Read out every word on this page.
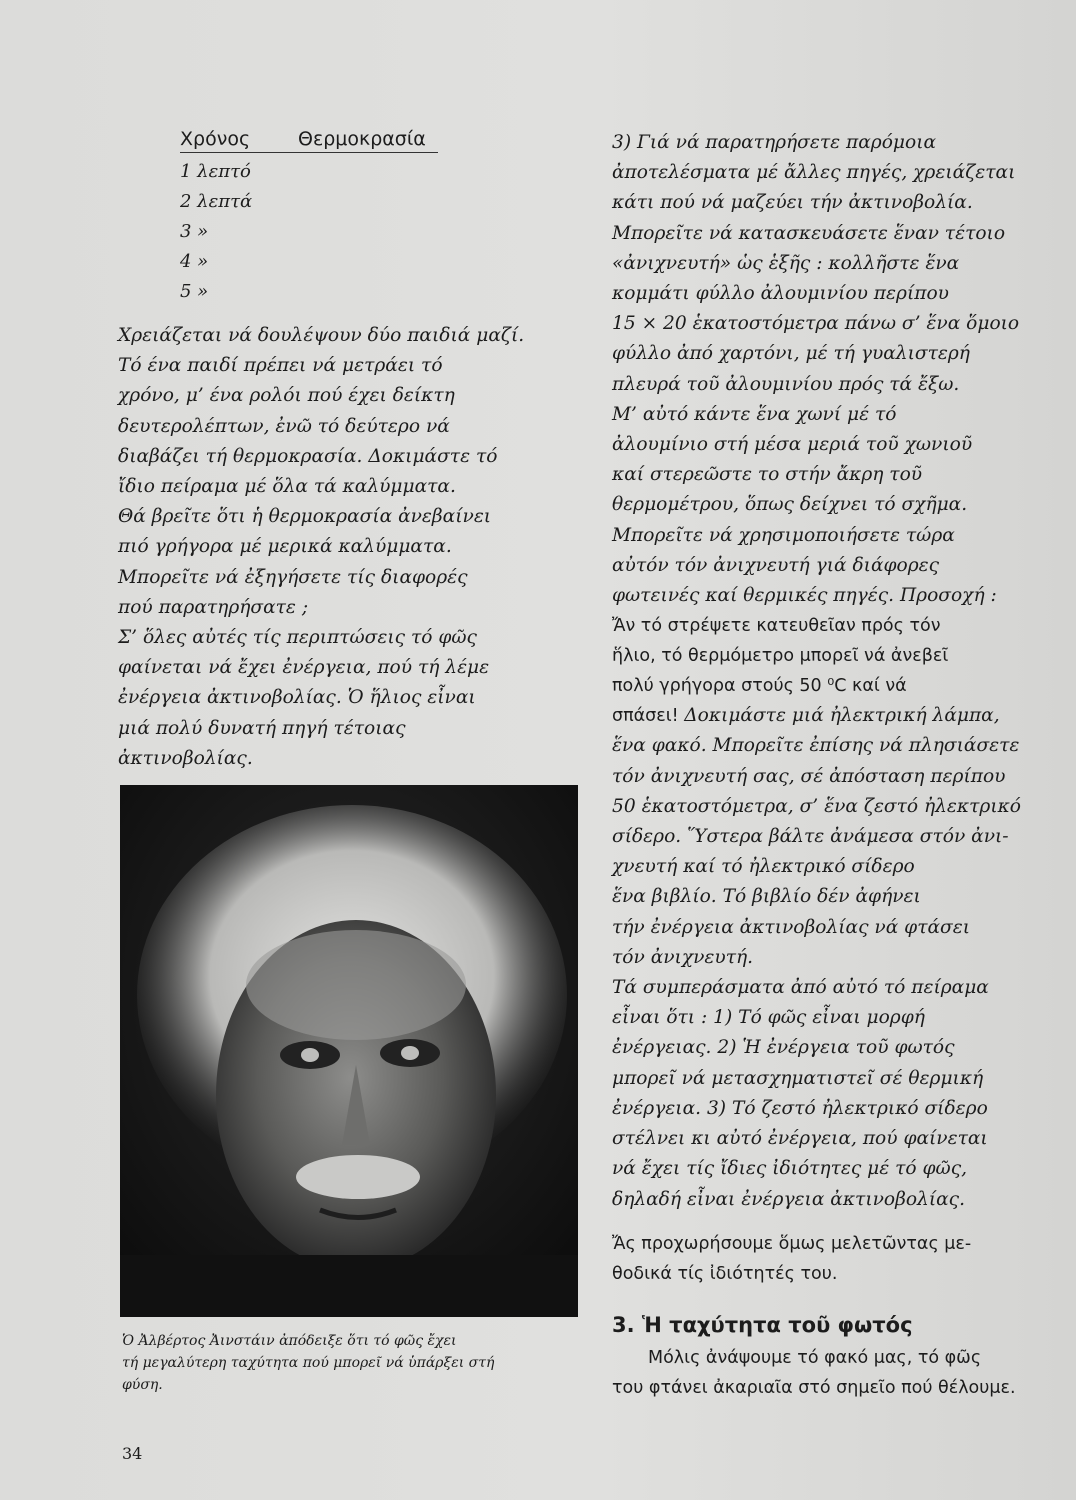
Χρόνος	Θερμοκρασία
1 λεπτό
2 λεπτά
3 »
4 »
5 »
Χρειάζεται νά δουλέψουν δύο παιδιά μαζί.
Τό ένα παιδί πρέπει νά μετράει τό
χρόνο, μ’ ένα ρολόι πού έχει δείκτη
δευτερολέπτων, ἐνῶ τό δεύτερο νά
διαβάζει τή θερμοκρασία. Δοκιμάστε τό
ἴδιο πείραμα μέ ὅλα τά καλύμματα.
Θά βρεῖτε ὅτι ἡ θερμοκρασία ἀνεβαίνει
πιό γρήγορα μέ μερικά καλύμματα.
Μπορεῖτε νά ἐξηγήσετε τίς διαφορές
πού παρατηρήσατε ;
Σ’ ὅλες αὐτές τίς περιπτώσεις τό φῶς
φαίνεται νά ἔχει ἐνέργεια, πού τή λέμε
ἐνέργεια ἀκτινοβολίας. Ὁ ἥλιος εἶναι
μιά πολύ δυνατή πηγή τέτοιας
ἀκτινοβολίας.
Ὁ Ἀλβέρτος Ἀινστάιν ἀπόδειξε ὅτι τό φῶς ἔχει
τή μεγαλύτερη ταχύτητα πού μπορεῖ νά ὑπάρξει στή
φύση.
34
3) Γιά νά παρατηρήσετε παρόμοια
ἀποτελέσματα μέ ἄλλες πηγές, χρειάζεται
κάτι πού νά μαζεύει τήν ἀκτινοβολία.
Μπορεῖτε νά κατασκευάσετε ἕναν τέτοιο
«ἀνιχνευτή» ὡς ἑξῆς : κολλῆστε ἕνα
κομμάτι φύλλο ἀλουμινίου περίπου
15 × 20 ἑκατοστόμετρα πάνω σ’ ἕνα ὅμοιο
φύλλο ἀπό χαρτόνι, μέ τή γυαλιστερή
πλευρά τοῦ ἀλουμινίου πρός τά ἔξω.
Μ’ αὐτό κάντε ἕνα χωνί μέ τό
ἀλουμίνιο στή μέσα μεριά τοῦ χωνιοῦ
καί στερεῶστε το στήν ἄκρη τοῦ
θερμομέτρου, ὅπως δείχνει τό σχῆμα.
Μπορεῖτε νά χρησιμοποιήσετε τώρα
αὐτόν τόν ἀνιχνευτή γιά διάφορες
φωτεινές καί θερμικές πηγές. Προσοχή :
Ἄν τό στρέψετε κατευθεῖαν πρός τόν
ἥλιο, τό θερμόμετρο μπορεῖ νά ἀνεβεῖ
πολύ γρήγορα στούς 50 ⁰C καί νά
σπάσει! Δοκιμάστε μιά ἠλεκτρική λάμπα,
ἕνα φακό. Μπορεῖτε ἐπίσης νά πλησιάσετε
τόν ἀνιχνευτή σας, σέ ἀπόσταση περίπου
50 ἑκατοστόμετρα, σ’ ἕνα ζεστό ἠλεκτρικό
σίδερο. Ὕστερα βάλτε ἀνάμεσα στόν ἀνι-
χνευτή καί τό ἠλεκτρικό σίδερο
ἕνα βιβλίο. Τό βιβλίο δέν ἀφήνει
τήν ἐνέργεια ἀκτινοβολίας νά φτάσει
τόν ἀνιχνευτή.
Τά συμπεράσματα ἀπό αὐτό τό πείραμα
εἶναι ὅτι : 1) Τό φῶς εἶναι μορφή
ἐνέργειας. 2) Ἡ ἐνέργεια τοῦ φωτός
μπορεῖ νά μετασχηματιστεῖ σέ θερμική
ἐνέργεια. 3) Τό ζεστό ἠλεκτρικό σίδερο
στέλνει κι αὐτό ἐνέργεια, πού φαίνεται
νά ἔχει τίς ἴδιες ἰδιότητες μέ τό φῶς,
δηλαδή εἶναι ἐνέργεια ἀκτινοβολίας.
Ἄς προχωρήσουμε ὅμως μελετῶντας με-
θοδικά τίς ἰδιότητές του.
3. Ἡ ταχύτητα τοῦ φωτός
Μόλις ἀνάψουμε τό φακό μας, τό φῶς
του φτάνει ἀκαριαῖα στό σημεῖο πού θέλουμε.
